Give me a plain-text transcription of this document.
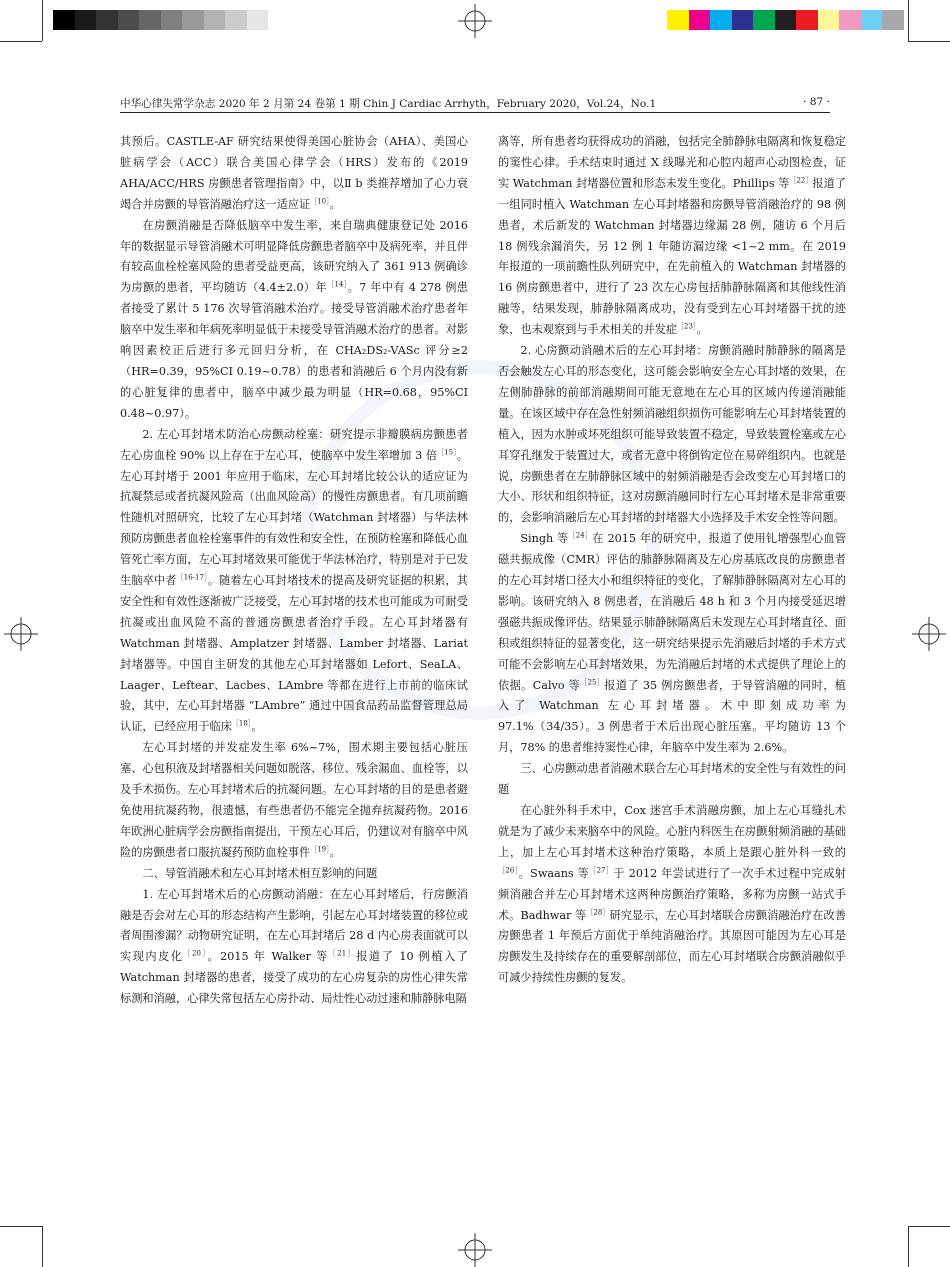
中华心律失常学杂志 2020 年 2 月第 24 卷第 1 期 Chin J Cardiac Arrhyth，February 2020，Vol.24，No.1	· 87 ·

其预后。CASTLE-AF 研究结果使得美国心脏协会（AHA）、美国心脏病学会（ACC）联合美国心律学会（HRS）发布的《2019 AHA/ACC/HRS 房颤患者管理指南》中，以Ⅱ b 类推荐增加了心力衰竭合并房颤的导管消融治疗这一适应证$^{[10]}$。

在房颤消融是否降低脑卒中发生率，来自瑞典健康登记处 2016 年的数据显示导管消融术可明显降低房颤患者脑卒中及病死率，并且伴有较高血栓栓塞风险的患者受益更高，该研究纳入了 361 913 例确诊为房颤的患者，平均随访（4.4±2.0）年$^{[14]}$。7 年中有 4 278 例患者接受了累计 5 176 次导管消融术治疗。接受导管消融术治疗患者年脑卒中发生率和年病死率明显低于未接受导管消融术治疗的患者。对影响因素校正后进行多元回归分析，在 CHA₂DS₂-VASc 评分≥2（HR=0.39，95%CI 0.19~0.78）的患者和消融后 6 个月内没有新的心脏复律的患者中，脑卒中减少最为明显（HR=0.68，95%CI 0.48~0.97）。

2. 左心耳封堵术防治心房颤动栓塞：研究提示非瓣膜病房颤患者左心房血栓 90% 以上存在于左心耳，使脑卒中发生率增加 3 倍$^{[15]}$。左心耳封堵于 2001 年应用于临床，左心耳封堵比较公认的适应证为抗凝禁忌或者抗凝风险高（出血风险高）的慢性房颤患者。有几项前瞻性随机对照研究，比较了左心耳封堵（Watchman 封堵器）与华法林预防房颤患者血栓栓塞事件的有效性和安全性，在预防栓塞和降低心血管死亡率方面，左心耳封堵效果可能优于华法林治疗，特别是对于已发生脑卒中者$^{[16-17]}$。随着左心耳封堵技术的提高及研究证据的积累，其安全性和有效性逐渐被广泛接受，左心耳封堵的技术也可能成为可耐受抗凝或出血风险不高的普通房颤患者治疗手段。左心耳封堵器有 Watchman 封堵器、Amplatzer 封堵器、Lamber 封堵器、Lariat 封堵器等。中国自主研发的其他左心耳封堵器如 Lefort、SeaLA、Laager、Leftear、Lacbes、LAmbre 等都在进行上市前的临床试验，其中，左心耳封堵器 “LAmbre” 通过中国食品药品监督管理总局认证，已经应用于临床$^{[18]}$。

左心耳封堵的并发症发生率 6%~7%，围术期主要包括心脏压塞、心包积液及封堵器相关问题如脱落、移位、残余漏血、血栓等，以及手术损伤。左心耳封堵术后的抗凝问题。左心耳封堵的目的是患者避免使用抗凝药物，很遗憾，有些患者仍不能完全抛弃抗凝药物。2016 年欧洲心脏病学会房颤指南提出，干预左心耳后，仍建议对有脑卒中风险的房颤患者口服抗凝药预防血栓事件$^{[19]}$。

二、导管消融术和左心耳封堵术相互影响的问题

1. 左心耳封堵术后的心房颤动消融：在左心耳封堵后，行房颤消融是否会对左心耳的形态结构产生影响，引起左心耳封堵装置的移位或者周围渗漏？动物研究证明，在左心耳封堵后 28 d 内心房表面就可以实现内皮化$^{[20]}$。2015 年 Walker 等$^{[21]}$报道了 10 例植入了 Watchman 封堵器的患者，接受了成功的左心房复杂的房性心律失常标测和消融，心律失常包括左心房扑动、局灶性心动过速和肺静脉电隔

离等，所有患者均获得成功的消融，包括完全肺静脉电隔离和恢复稳定的窦性心律。手术结束时通过 X 线曝光和心腔内超声心动图检查，证实 Watchman 封堵器位置和形态未发生变化。Phillips 等$^{[22]}$报道了一组同时植入 Watchman 左心耳封堵器和房颤导管消融治疗的 98 例患者，术后新发的 Watchman 封堵器边缘漏 28 例，随访 6 个月后 18 例残余漏消失，另 12 例 1 年随访漏边缘 <1~2 mm。在 2019 年报道的一项前瞻性队列研究中，在先前植入的 Watchman 封堵器的 16 例房颤患者中，进行了 23 次左心房包括肺静脉隔离和其他线性消融等，结果发现，肺静脉隔离成功，没有受到左心耳封堵器干扰的迹象，也未观察到与手术相关的并发症$^{[23]}$。

2. 心房颤动消融术后的左心耳封堵：房颤消融时肺静脉的隔离是否会触发左心耳的形态变化，这可能会影响安全左心耳封堵的效果，在左侧肺静脉的前部消融期间可能无意地在左心耳的区域内传递消融能量。在该区域中存在急性射频消融组织损伤可能影响左心耳封堵装置的植入，因为水肿或坏死组织可能导致装置不稳定，导致装置栓塞或左心耳穿孔继发于装置过大，或者无意中将倒钩定位在易碎组织内。也就是说，房颤患者在左肺静脉区域中的射频消融是否会改变左心耳封堵口的大小、形状和组织特征，这对房颤消融同时行左心耳封堵术是非常重要的，会影响消融后左心耳封堵的封堵器大小选择及手术安全性等问题。

Singh 等$^{[24]}$在 2015 年的研究中，报道了使用钆增强型心血管磁共振成像（CMR）评估的肺静脉隔离及左心房基底改良的房颤患者的左心耳封堵口径大小和组织特征的变化，了解肺静脉隔离对左心耳的影响。该研究纳入 8 例患者，在消融后 48 h 和 3 个月内接受延迟增强磁共振成像评估。结果显示肺静脉隔离后未发现左心耳封堵直径、面积或组织特征的显著变化，这一研究结果提示先消融后封堵的手术方式可能不会影响左心耳封堵效果，为先消融后封堵的术式提供了理论上的依据。Calvo 等$^{[25]}$报道了 35 例房颤患者，于导管消融的同时，植入了 Watchman 左心耳封堵器。术中即刻成功率为 97.1%（34/35）。3 例患者于术后出现心脏压塞。平均随访 13 个月，78% 的患者维持窦性心律，年脑卒中发生率为 2.6%。

三、心房颤动患者消融术联合左心耳封堵术的安全性与有效性的问题

在心脏外科手术中，Cox 迷宫手术消融房颤，加上左心耳缝扎术就是为了减少未来脑卒中的风险。心脏内科医生在房颤射频消融的基础上，加上左心耳封堵术这种治疗策略，本质上是跟心脏外科一致的$^{[26]}$。Swaans 等$^{[27]}$于 2012 年尝试进行了一次手术过程中完成射频消融合并左心耳封堵术这两种房颤治疗策略，多称为房颤一站式手术。Badhwar 等$^{[28]}$研究显示，左心耳封堵联合房颤消融治疗在改善房颤患者 1 年预后方面优于单纯消融治疗。其原因可能因为左心耳是房颤发生及持续存在的重要解剖部位，而左心耳封堵联合房颤消融似乎可减少持续性房颤的复发。
